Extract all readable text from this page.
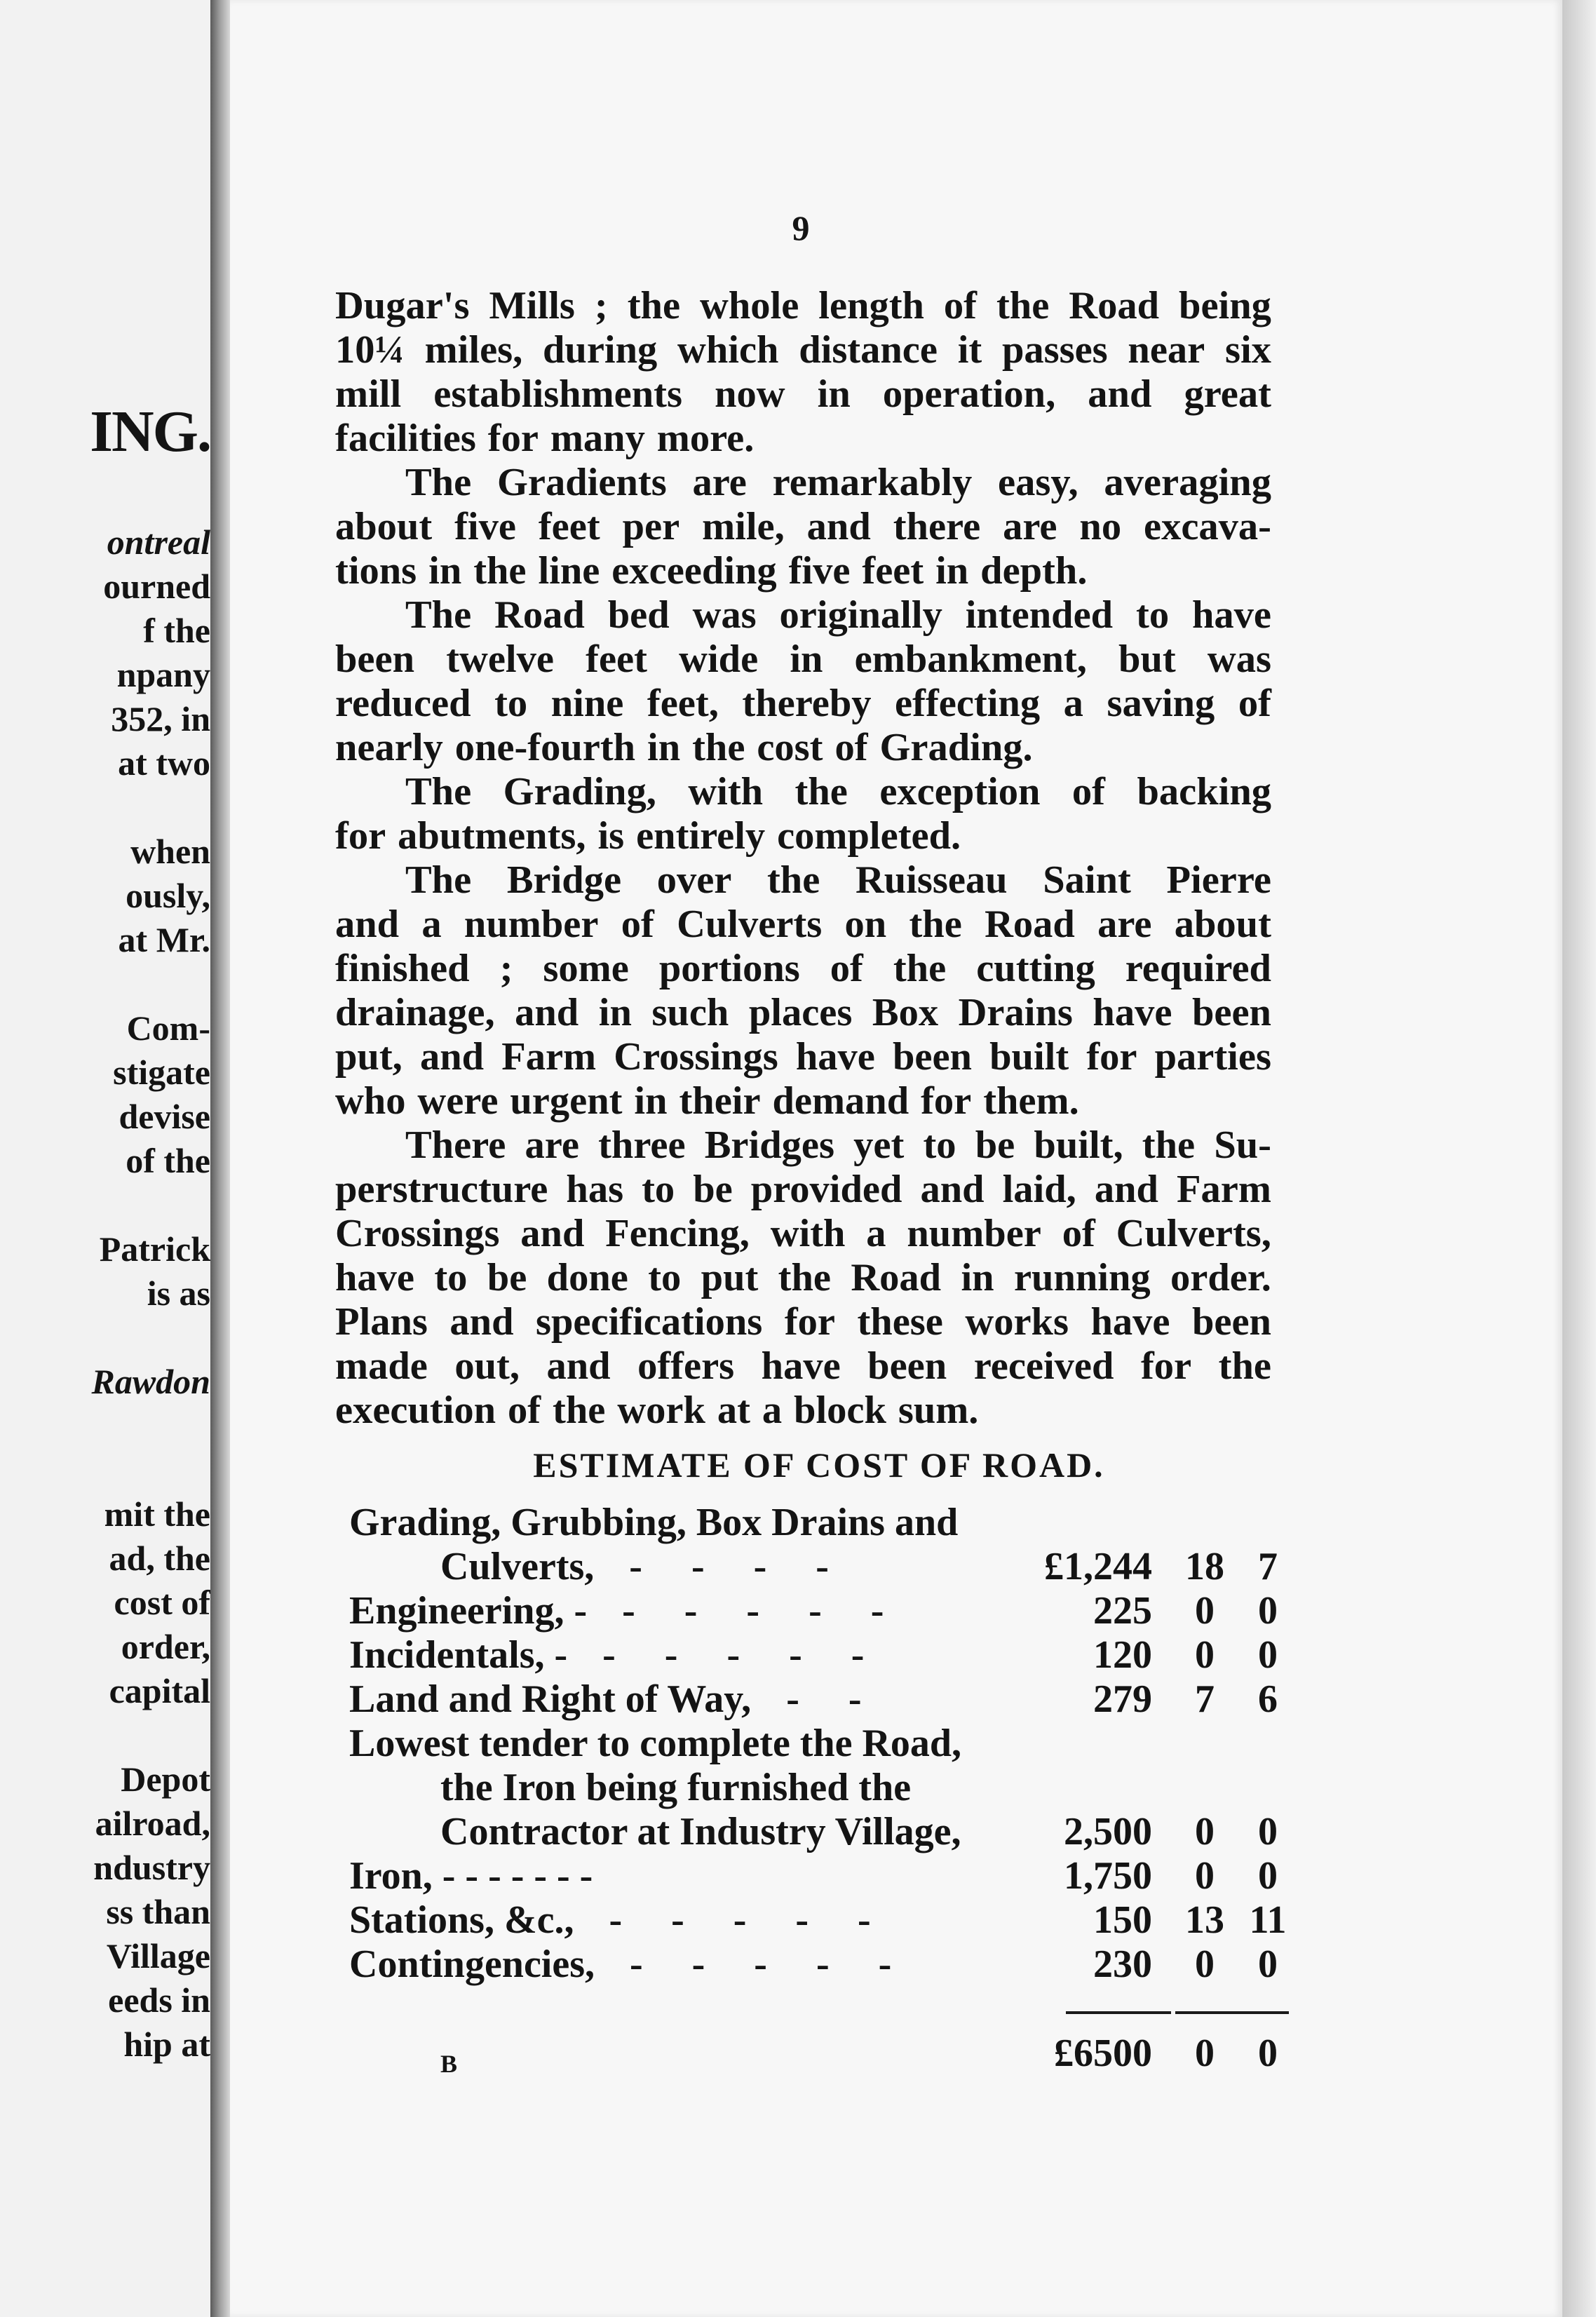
ING.
ontreal
ourned
f the
npany
352, in
at two
when
ously,
at Mr.
Com-
stigate
devise
of the
Patrick
is as
Rawdon
mit the
ad, the
cost of
order,
capital
Depot
ailroad,
ndustry
ss than
Village
eeds in
hip at
9
Dugar's Mills ; the whole length of the Road being
10¼ miles, during which distance it passes near six
mill establishments now in operation, and great
facilities for many more.
The Gradients are remarkably easy, averaging
about five feet per mile, and there are no excava-
tions in the line exceeding five feet in depth.
The Road bed was originally intended to have
been twelve feet wide in embankment, but was
reduced to nine feet, thereby effecting a saving of
nearly one-fourth in the cost of Grading.
The Grading, with the exception of backing
for abutments, is entirely completed.
The Bridge over the Ruisseau Saint Pierre
and a number of Culverts on the Road are about
finished ; some portions of the cutting required
drainage, and in such places Box Drains have been
put, and Farm Crossings have been built for parties
who were urgent in their demand for them.
There are three Bridges yet to be built, the Su-
perstructure has to be provided and laid, and Farm
Crossings and Fencing, with a number of Culverts,
have to be done to put the Road in running order.
Plans and specifications for these works have been
made out, and offers have been received for the
execution of the work at a block sum.
ESTIMATE OF COST OF ROAD.
Grading, Grubbing, Box Drains and
Culverts, -     -     -     -	£1,244 18 7
Engineering, - -     -     -     -     -	225	0	0
Incidentals, - -     -     -     -     -	120	0	0
Land and Right of Way, -     -	279	7	6
Lowest tender to complete the Road,
the Iron being furnished the
Contractor at Industry Village,	2,500	0	0
Iron, - - - - - - -	1,750	0	0
Stations, &c., -     -     -     -     -	150 13 11
Contingencies, -     -     -     -     -	230	0	0
£6500	0	0
B
